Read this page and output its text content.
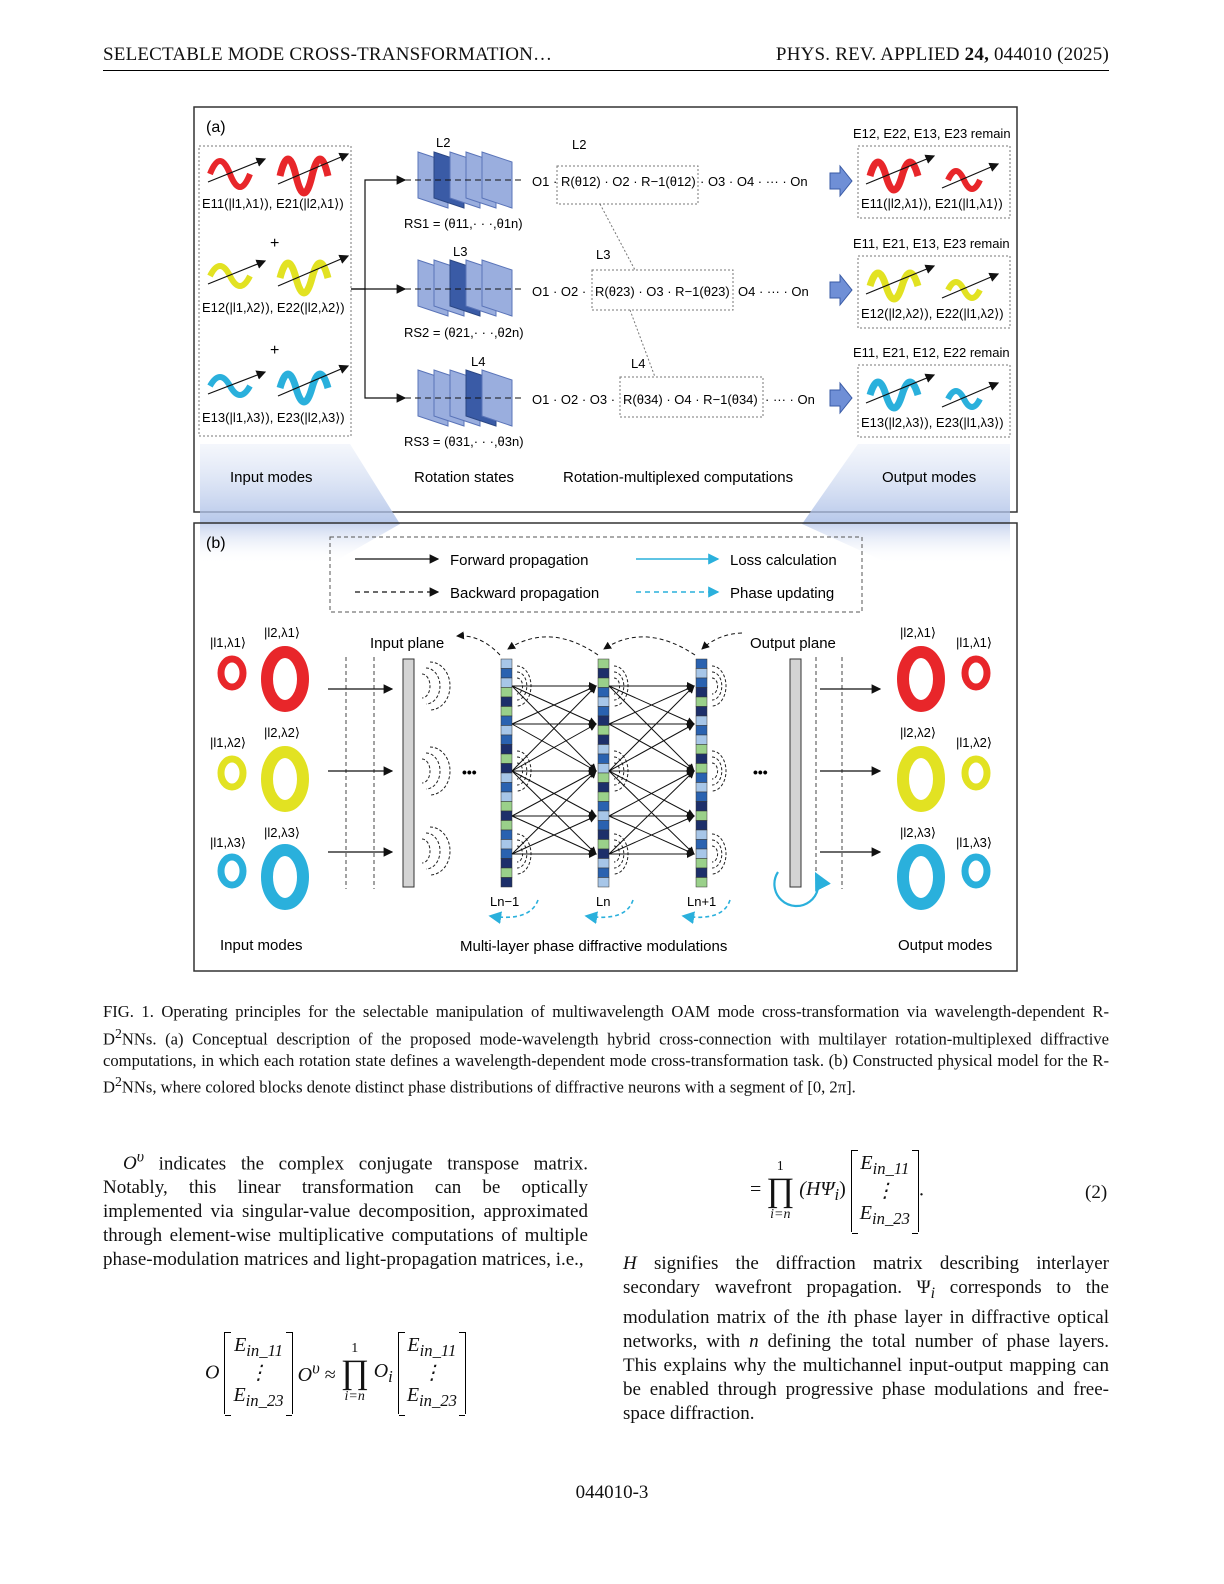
SELECTABLE MODE CROSS-TRANSFORMATION…	PHYS. REV. APPLIED 24, 044010 (2025)
(a)
E11(|l1,λ1⟩), E21(|l2,λ1⟩)
+
E12(|l1,λ2⟩), E22(|l2,λ2⟩)
+
E13(|l1,λ3⟩), E23(|l2,λ3⟩)
L2
RS1 = (θ11,· · ·,θ1n)
L3
RS2 = (θ21,· · ·,θ2n)
L4
RS3 = (θ31,· · ·,θ3n)
O1 ·
L2
R(θ12) · O2 · R−1(θ12) · O3 · O4 · ··· · On
O1 · O2 ·
L3
R(θ23) · O3 · R−1(θ23) O4 · ··· · On
O1 · O2 · O3 ·
L4
R(θ34) · O4 · R−1(θ34) · ··· · On
E12, E22, E13, E23 remain
E11(|l2,λ1⟩), E21(|l1,λ1⟩)
E11, E21, E13, E23 remain
E12(|l2,λ2⟩), E22(|l1,λ2⟩)
E11, E21, E12, E22 remain
E13(|l2,λ3⟩), E23(|l1,λ3⟩)
Input modes	Rotation states	Rotation-multiplexed computations	Output modes
(b)
Forward propagation	Loss calculation
Backward propagation	Phase updating
|l1,λ1⟩
|l2,λ1⟩
|l1,λ2⟩
|l2,λ2⟩
|l1,λ3⟩
|l2,λ3⟩
Input plane
•••
Output plane
•••
|l2,λ1⟩
|l1,λ1⟩
|l2,λ2⟩
|l1,λ2⟩
|l2,λ3⟩
|l1,λ3⟩
Ln−1	Ln	Ln+1
Input modes	Multi-layer phase diffractive modulations	Output modes
FIG. 1. Operating principles for the selectable manipulation of multiwavelength OAM mode cross-transformation via wavelength-dependent $R-D^2NNs$. (a) Conceptual description of the proposed mode-wavelength hybrid cross-connection with multilayer rotation-multiplexed diffractive computations, in which each rotation state defines a wavelength-dependent mode cross-transformation task. (b) Constructed physical model for the $R-D^2NNs$, where colored blocks denote distinct phase distributions of diffractive neurons with a segment of [0, 2π].
$O^\upsilon$ indicates the complex conjugate transpose matrix. Notably, this linear transformation can be optically implemented via singular-value decomposition, approximated through element-wise multiplicative computations of multiple phase-modulation matrices and light-propagation matrices, i.e.,
= 1
∏
i=n $(H\Psi_i)$ $E_{in\_11}$
⋮
$E_{in\_23}$.	(2)
H signifies the diffraction matrix describing interlayer secondary wavefront propagation. $\Psi_i$ corresponds to the modulation matrix of the ith phase layer in diffractive optical networks, with n defining the total number of phase layers. This explains why the multichannel input-output mapping can be enabled through progressive phase modulations and free-space diffraction.
O $E_{in\_11}$
⋮
$E_{in\_23}$ $O^\upsilon \approx 1$
∏
i=n $O_i$ $E_{in\_11}$
⋮
$E_{in\_23}$
044010-3
